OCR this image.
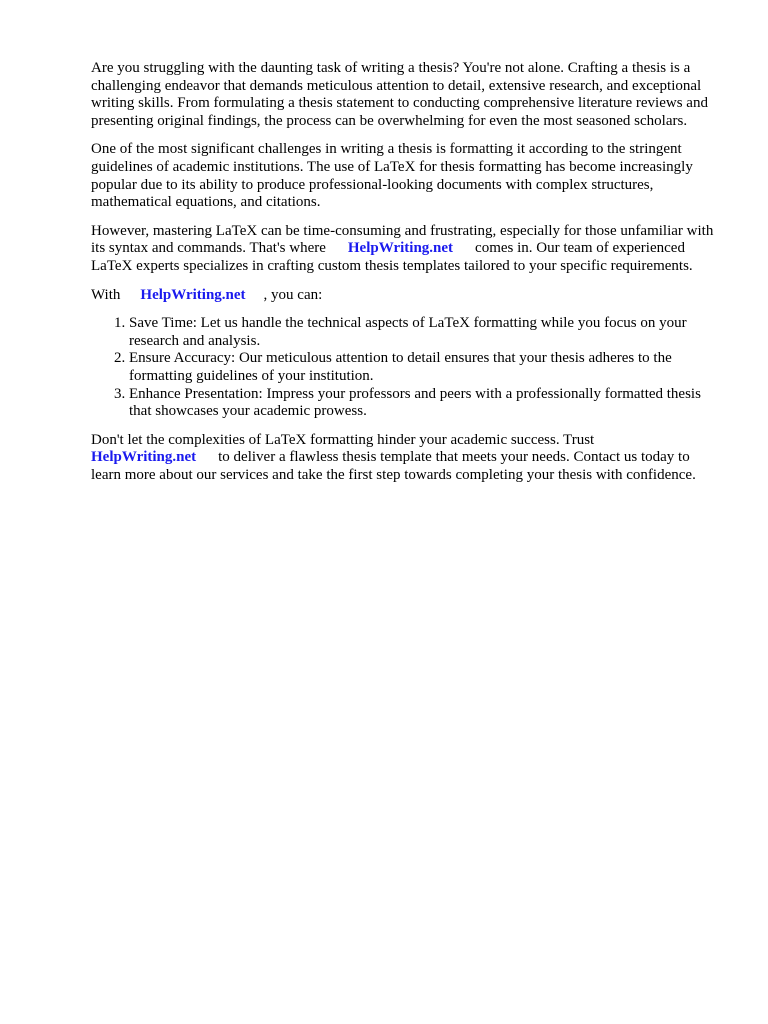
Are you struggling with the daunting task of writing a thesis? You're not alone. Crafting a thesis is a challenging endeavor that demands meticulous attention to detail, extensive research, and exceptional writing skills. From formulating a thesis statement to conducting comprehensive literature reviews and presenting original findings, the process can be overwhelming for even the most seasoned scholars.

One of the most significant challenges in writing a thesis is formatting it according to the stringent guidelines of academic institutions. The use of LaTeX for thesis formatting has become increasingly popular due to its ability to produce professional-looking documents with complex structures, mathematical equations, and citations.

However, mastering LaTeX can be time-consuming and frustrating, especially for those unfamiliar with its syntax and commands. That's where HelpWriting.net comes in. Our team of experienced LaTeX experts specializes in crafting custom thesis templates tailored to your specific requirements.

With HelpWriting.net , you can:

1. Save Time: Let us handle the technical aspects of LaTeX formatting while you focus on your research and analysis.
2. Ensure Accuracy: Our meticulous attention to detail ensures that your thesis adheres to the formatting guidelines of your institution.
3. Enhance Presentation: Impress your professors and peers with a professionally formatted thesis that showcases your academic prowess.

Don't let the complexities of LaTeX formatting hinder your academic success. Trust HelpWriting.net to deliver a flawless thesis template that meets your needs. Contact us today to learn more about our services and take the first step towards completing your thesis with confidence.
